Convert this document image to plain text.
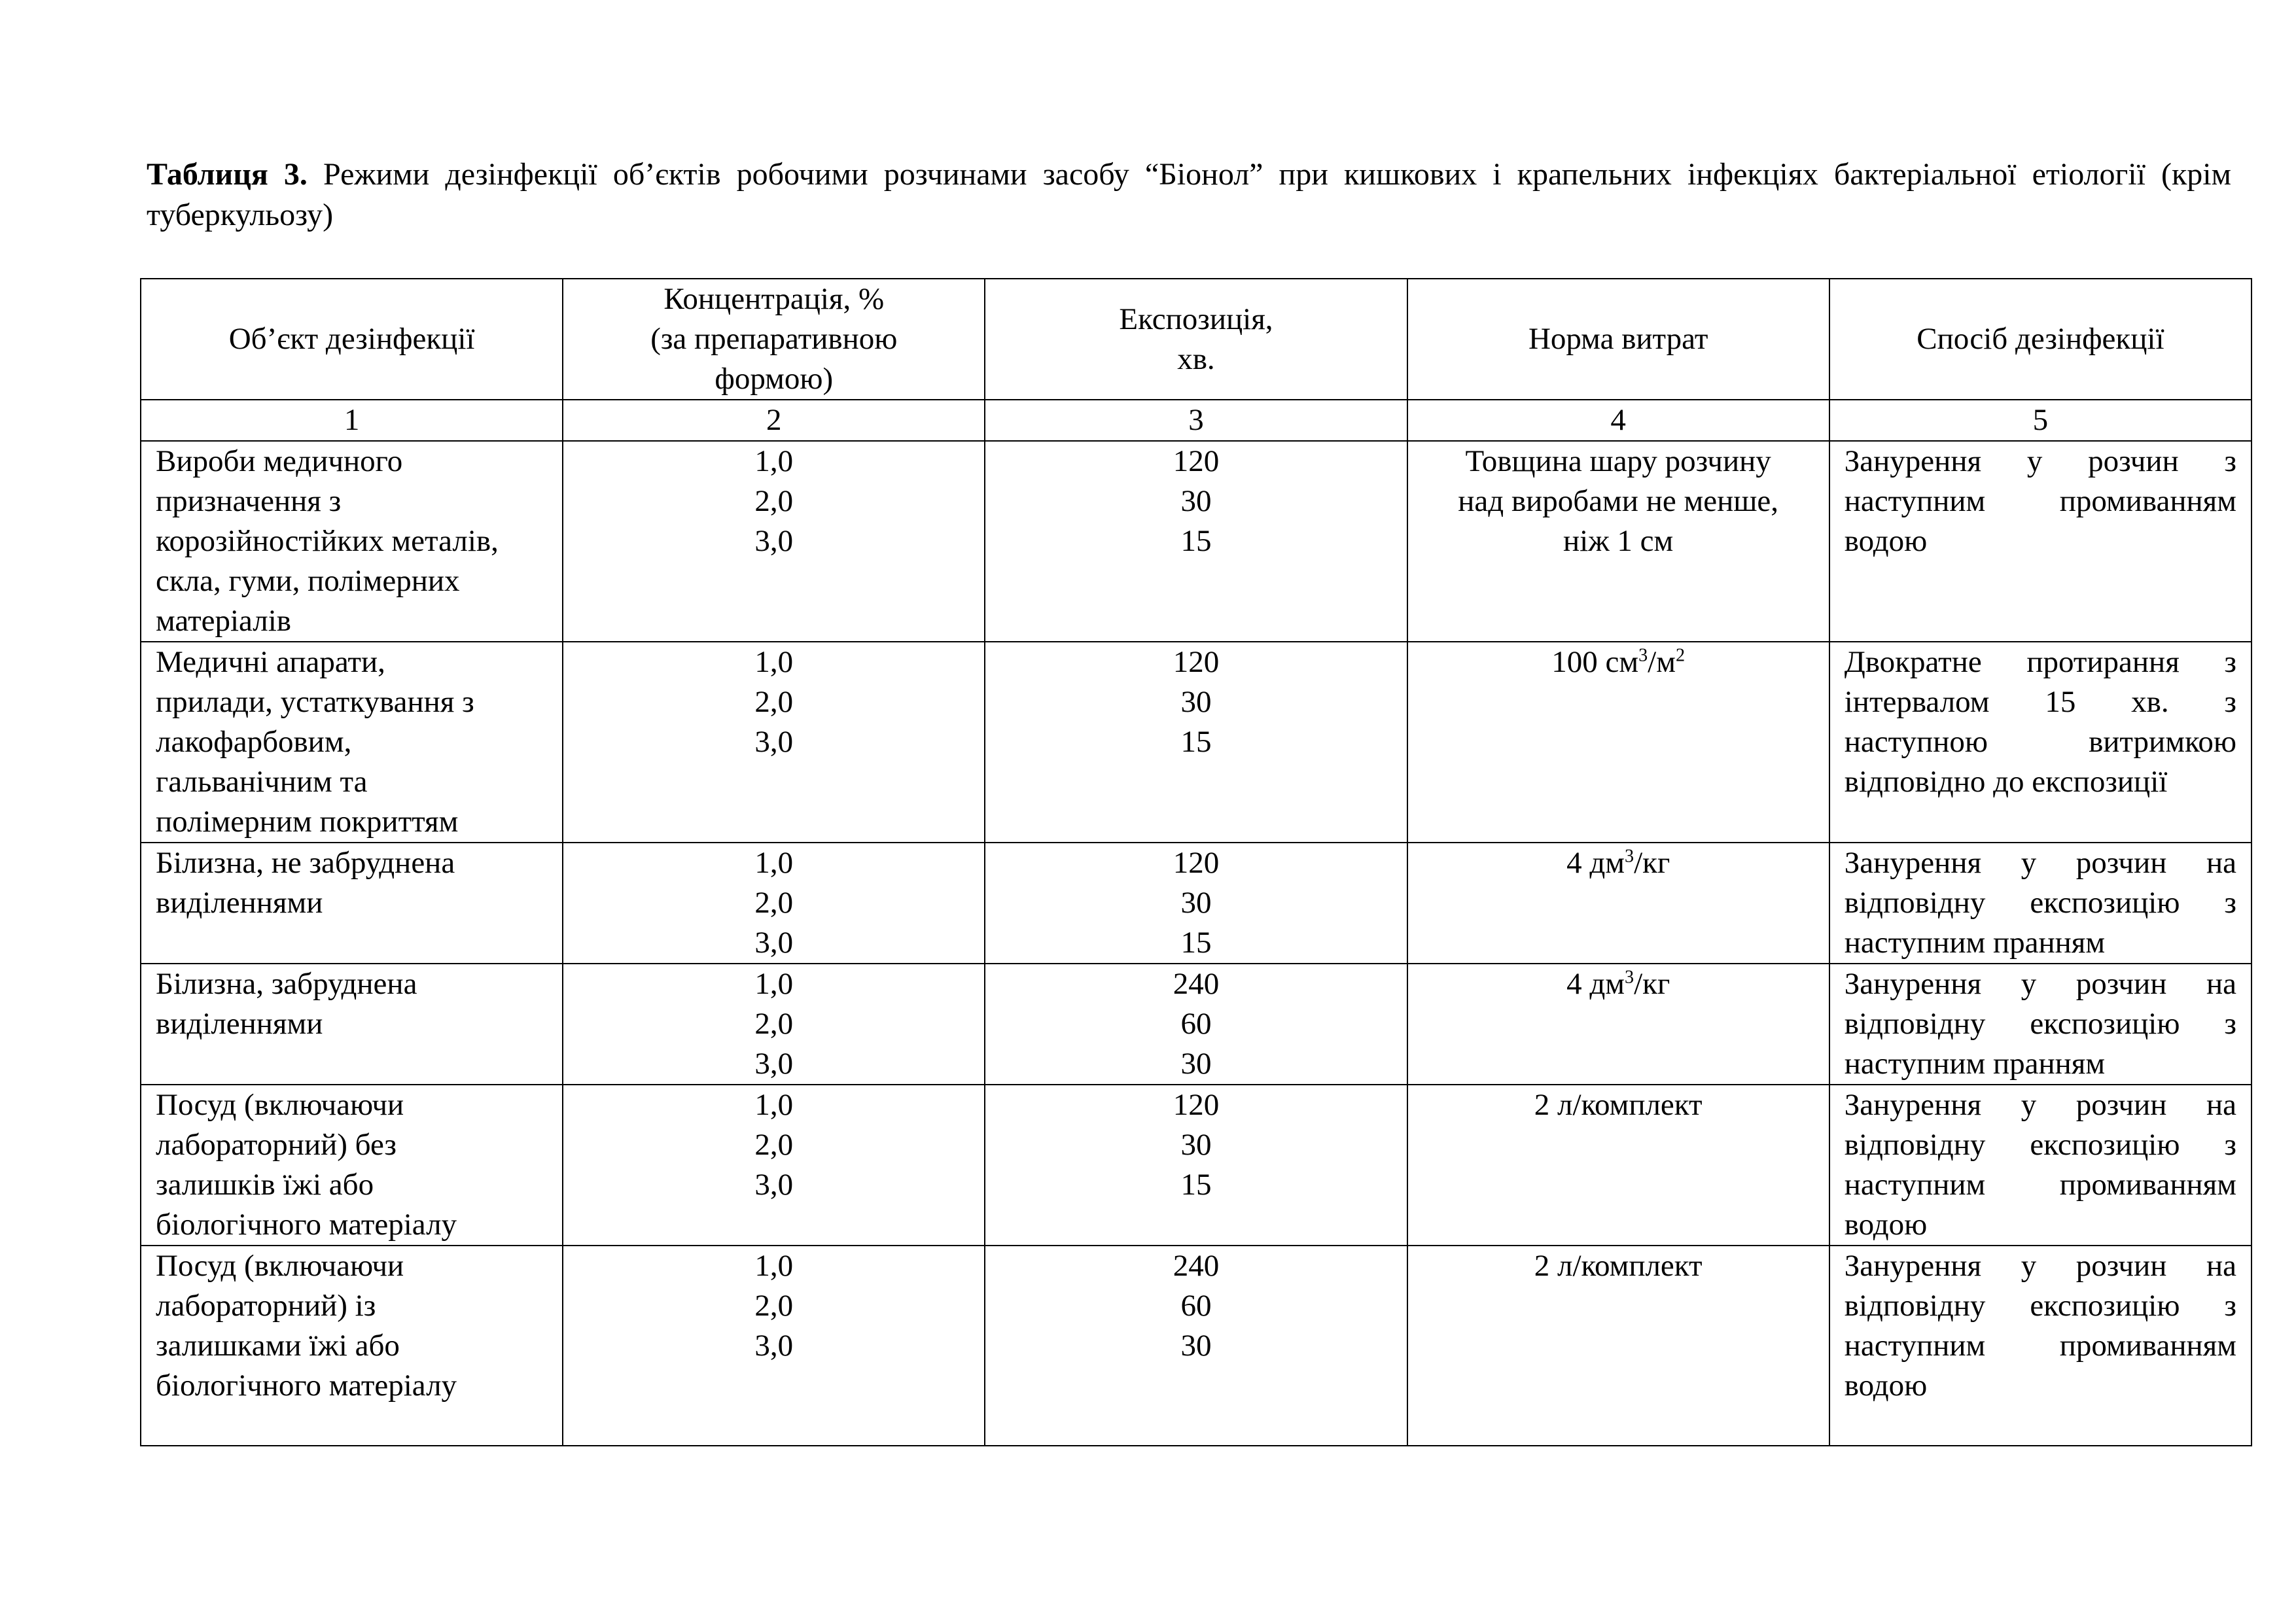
Таблиця 3. Режими дезінфекції об’єктів робочими розчинами засобу “Біонол” при кишкових і крапельних інфекціях бактеріальної етіології (крім туберкульозу)
Об’єкт дезінфекції	Концентрація, %
(за препаративною
формою)	Експозиція,
хв.	Норма витрат	Спосіб дезінфекції

1	2	3	4	5

Вироби медичного
призначення з
корозійностійких металів,
скла, гуми, полімерних
матеріалів	1,0
2,0
3,0	120
30
15	Товщина шару розчину
над виробами не менше,
ніж 1 см	Занурення у розчин з наступним промиванням водою

Медичні апарати,
прилади, устаткування з
лакофарбовим,
гальванічним та
полімерним покриттям	1,0
2,0
3,0	120
30
15	100 $см^3/м^2$	Двократне протирання з інтервалом 15 хв. з наступною витримкою відповідно до експозиції

Білизна, не забруднена
виділеннями	1,0
2,0
3,0	120
30
15	4 $дм^3/кг$	Занурення у розчин на відповідну експозицію з наступним пранням

Білизна, забруднена
виділеннями	1,0
2,0
3,0	240
60
30	4 $дм^3/кг$	Занурення у розчин на відповідну експозицію з наступним пранням

Посуд (включаючи
лабораторний) без
залишків їжі або
біологічного матеріалу	1,0
2,0
3,0	120
30
15	2 л/комплект	Занурення у розчин на відповідну експозицію з наступним промиванням водою

Посуд (включаючи
лабораторний) із
залишками їжі або
біологічного матеріалу	1,0
2,0
3,0	240
60
30	2 л/комплект	Занурення у розчин на відповідну експозицію з наступним промиванням водою
